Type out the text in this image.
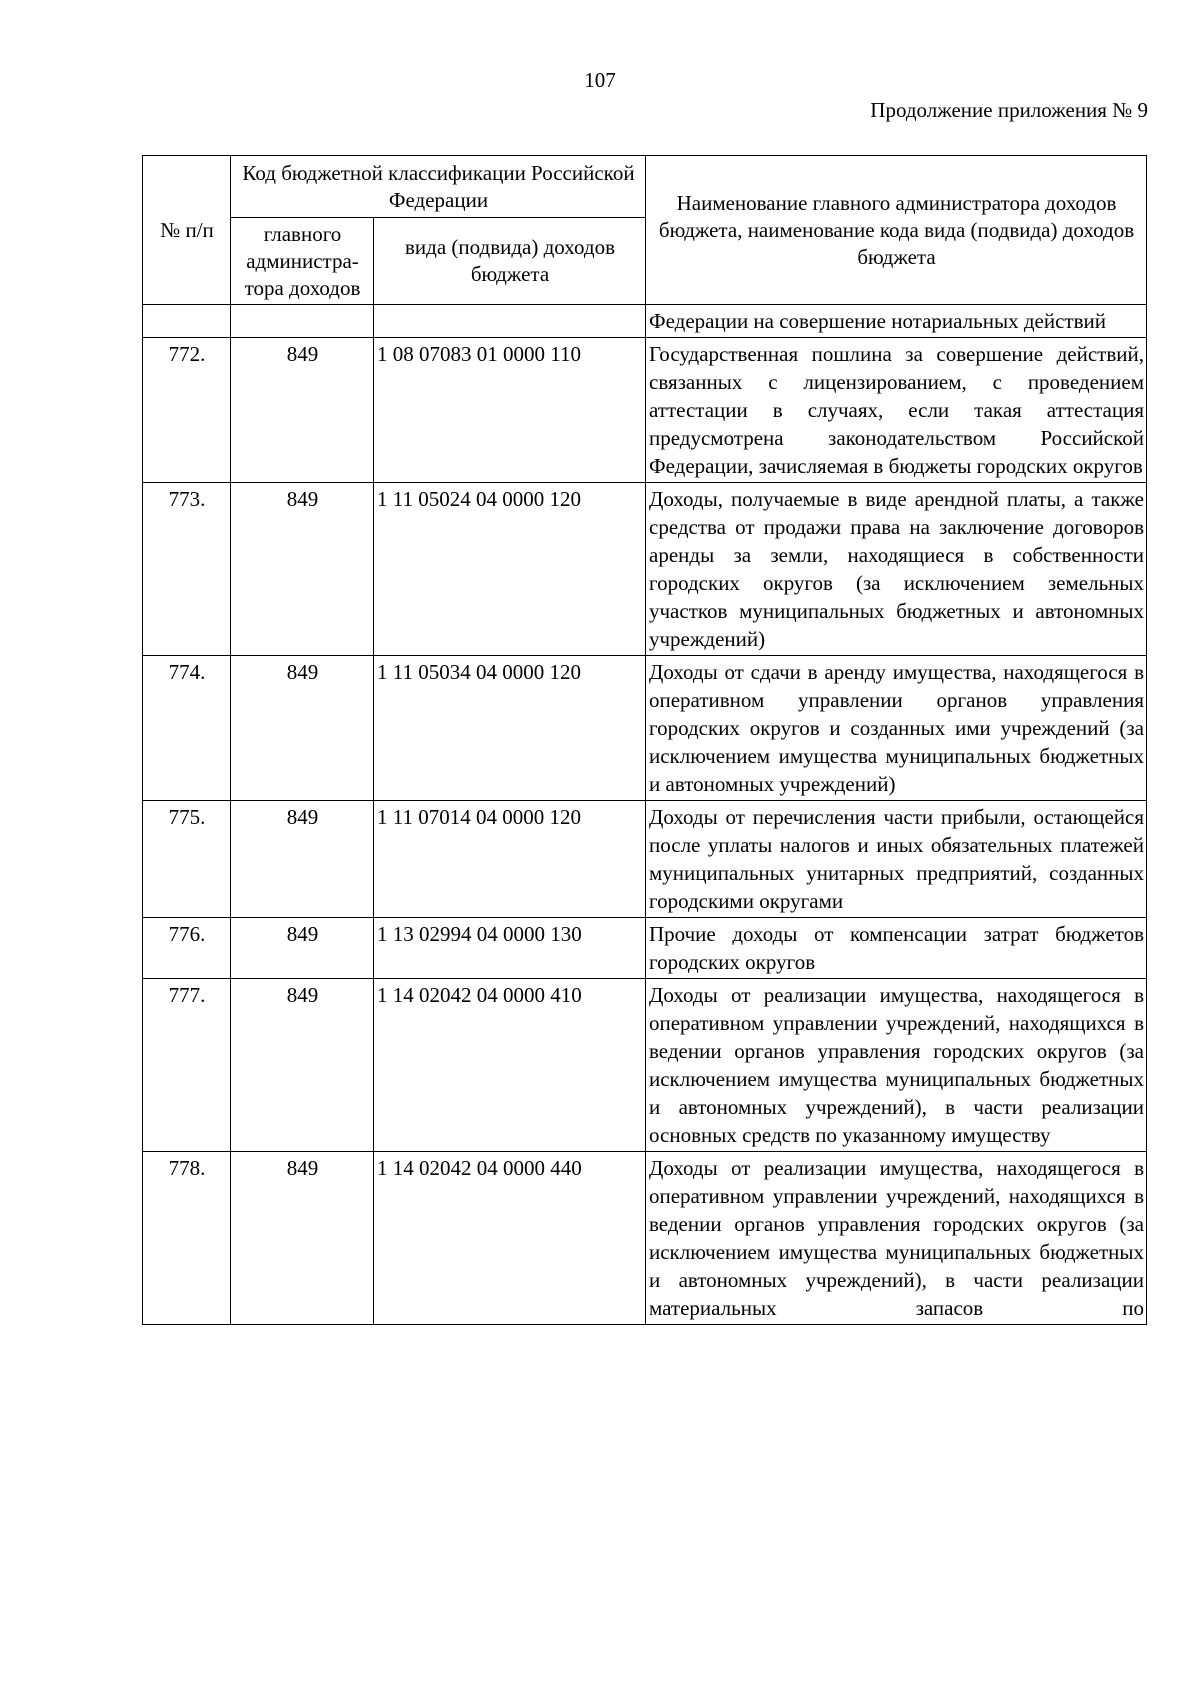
107
Продолжение приложения № 9
№ п/п	Код бюджетной классификации Российской Федерации		Наименование главного администратора доходов бюджета, наименование кода вида (подвида) доходов бюджета
	главного администра-тора доходов	вида (подвида) доходов бюджета	
			Федерации на совершение нотариальных действий
772.	849	1 08 07083 01 0000 110	Государственная пошлина за совершение действий, связанных с лицензированием, с проведением аттестации в случаях, если такая аттестация предусмотрена законодательством Российской Федерации, зачисляемая в бюджеты городских округов
773.	849	1 11 05024 04 0000 120	Доходы, получаемые в виде арендной платы, а также средства от продажи права на заключение договоров аренды за земли, находящиеся в собственности городских округов (за исключением земельных участков муниципальных бюджетных и автономных учреждений)
774.	849	1 11 05034 04 0000 120	Доходы от сдачи в аренду имущества, находящегося в оперативном управлении органов управления городских округов и созданных ими учреждений (за исключением имущества муниципальных бюджетных и автономных учреждений)
775.	849	1 11 07014 04 0000 120	Доходы от перечисления части прибыли, остающейся после уплаты налогов и иных обязательных платежей муниципальных унитарных предприятий, созданных городскими округами
776.	849	1 13 02994 04 0000 130	Прочие доходы от компенсации затрат бюджетов городских округов
777.	849	1 14 02042 04 0000 410	Доходы от реализации имущества, находящегося в оперативном управлении учреждений, находящихся в ведении органов управления городских округов (за исключением имущества муниципальных бюджетных и автономных учреждений), в части реализации основных средств по указанному имуществу
778.	849	1 14 02042 04 0000 440	Доходы от реализации имущества, находящегося в оперативном управлении учреждений, находящихся в ведении органов управления городских округов (за исключением имущества муниципальных бюджетных и автономных учреждений), в части реализации материальных запасов по
